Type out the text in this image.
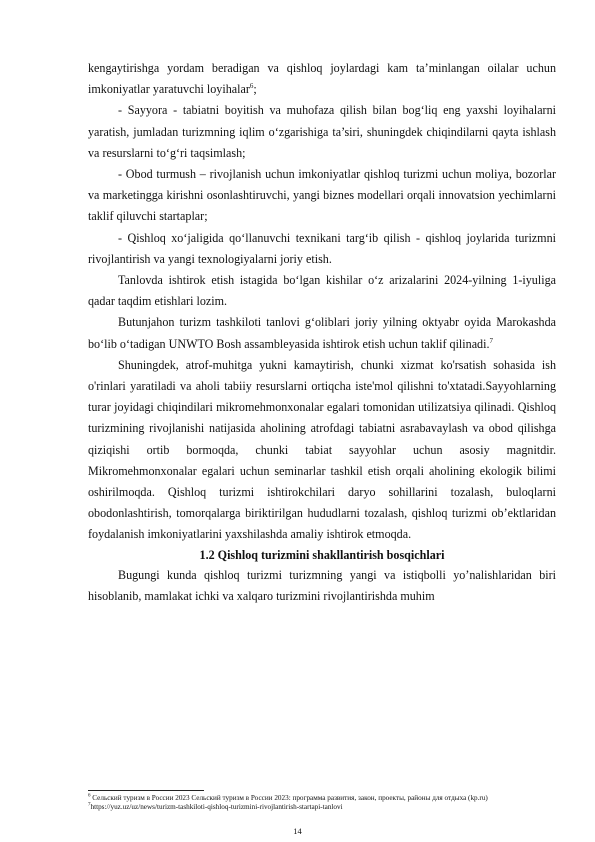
kengaytirishga yordam beradigan va qishloq joylardagi kam ta’minlangan oilalar uchun imkoniyatlar yaratuvchi loyihalar$^6$;

- Sayyora - tabiatni boyitish va muhofaza qilish bilan bog‘liq eng yaxshi loyihalarni yaratish, jumladan turizmning iqlim o‘zgarishiga ta’siri, shuningdek chiqindilarni qayta ishlash va resurslarni to‘g‘ri taqsimlash;

- Obod turmush – rivojlanish uchun imkoniyatlar qishloq turizmi uchun moliya, bozorlar va marketingga kirishni osonlashtiruvchi, yangi biznes modellari orqali innovatsion yechimlarni taklif qiluvchi startaplar;

- Qishloq xo‘jaligida qo‘llanuvchi texnikani targ‘ib qilish - qishloq joylarida turizmni rivojlantirish va yangi texnologiyalarni joriy etish.

Tanlovda ishtirok etish istagida bo‘lgan kishilar o‘z arizalarini 2024-yilning 1-iyuliga qadar taqdim etishlari lozim.

Butunjahon turizm tashkiloti tanlovi g‘oliblari joriy yilning oktyabr oyida Marokashda bo‘lib o‘tadigan UNWTO Bosh assambleyasida ishtirok etish uchun taklif qilinadi.$^7$

Shuningdek, atrof-muhitga yukni kamaytirish, chunki xizmat ko'rsatish sohasida ish o'rinlari yaratiladi va aholi tabiiy resurslarni ortiqcha iste'mol qilishni to'xtatadi.Sayyohlarning turar joyidagi chiqindilari mikromehmonxonalar egalari tomonidan utilizatsiya qilinadi. Qishloq turizmining rivojlanishi natijasida aholining atrofdagi tabiatni asrabavaylash va obod qilishga qiziqishi ortib bormoqda, chunki tabiat sayyohlar uchun asosiy magnitdir. Mikromehmonxonalar egalari uchun seminarlar tashkil etish orqali aholining ekologik bilimi oshirilmoqda. Qishloq turizmi ishtirokchilari daryo sohillarini tozalash, buloqlarni obodonlashtirish, tomorqalarga biriktirilgan hududlarni tozalash, qishloq turizmi ob’ektlaridan foydalanish imkoniyatlarini yaxshilashda amaliy ishtirok etmoqda.

1.2 Qishloq turizmini shakllantirish bosqichlari

Bugungi kunda qishloq turizmi turizmning yangi va istiqbolli yo’nalishlaridan biri hisoblanib, mamlakat ichki va xalqaro turizmini rivojlantirishda muhim

$^6$ Сельский туризм в России 2023 Сельский туризм в России 2023: программа развития, закон, проекты, районы для отдыха (kp.ru)

$^7$https://yuz.uz/uz/news/turizm-tashkiloti-qishloq-turizmini-rivojlantirish-startapi-tanlovi

14
